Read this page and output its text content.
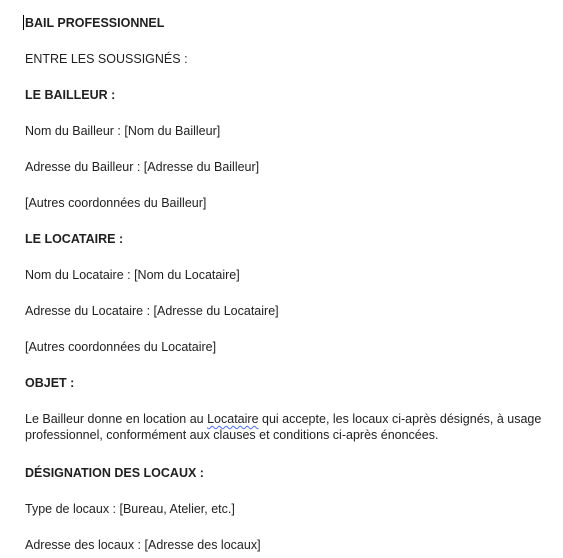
BAIL PROFESSIONNEL
ENTRE LES SOUSSIGNÉS :
LE BAILLEUR :
Nom du Bailleur : [Nom du Bailleur]
Adresse du Bailleur : [Adresse du Bailleur]
[Autres coordonnées du Bailleur]
LE LOCATAIRE :
Nom du Locataire : [Nom du Locataire]
Adresse du Locataire : [Adresse du Locataire]
[Autres coordonnées du Locataire]
OBJET :
Le Bailleur donne en location au Locataire qui accepte, les locaux ci-après désignés, à usage professionnel, conformément aux clauses et conditions ci-après énoncées.
DÉSIGNATION DES LOCAUX :
Type de locaux : [Bureau, Atelier, etc.]
Adresse des locaux : [Adresse des locaux]
